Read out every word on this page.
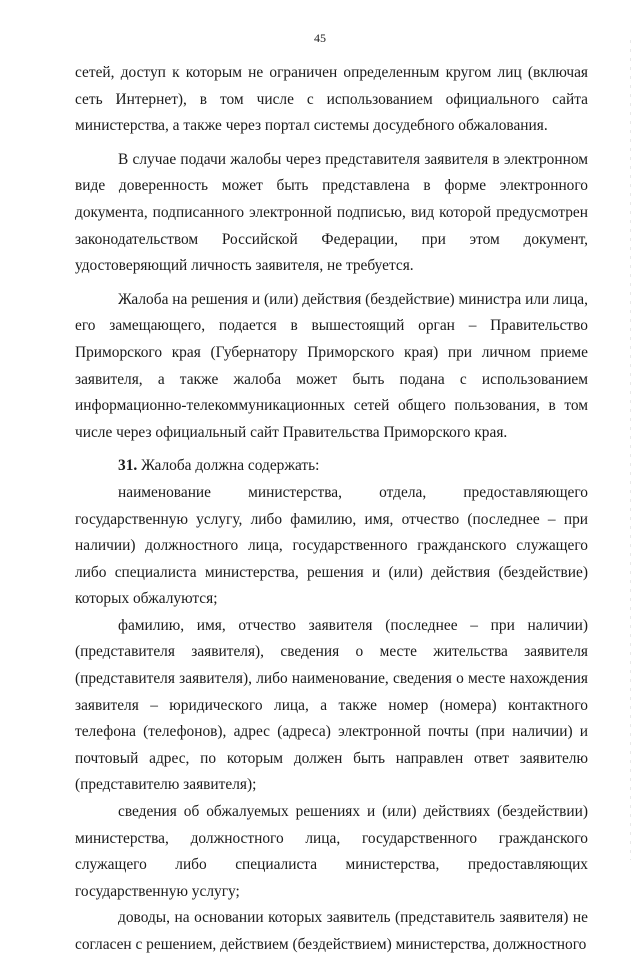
45

сетей, доступ к которым не ограничен определенным кругом лиц (включая сеть Интернет), в том числе с использованием официального сайта министерства, а также через портал системы досудебного обжалования.

В случае подачи жалобы через представителя заявителя в электронном виде доверенность может быть представлена в форме электронного документа, подписанного электронной подписью, вид которой предусмотрен законодательством Российской Федерации, при этом документ, удостоверяющий личность заявителя, не требуется.

Жалоба на решения и (или) действия (бездействие) министра или лица, его замещающего, подается в вышестоящий орган – Правительство Приморского края (Губернатору Приморского края) при личном приеме заявителя, а также жалоба может быть подана с использованием информационно-телекоммуникационных сетей общего пользования, в том числе через официальный сайт Правительства Приморского края.

31. Жалоба должна содержать:

наименование министерства, отдела, предоставляющего государственную услугу, либо фамилию, имя, отчество (последнее – при наличии) должностного лица, государственного гражданского служащего либо специалиста министерства, решения и (или) действия (бездействие) которых обжалуются;

фамилию, имя, отчество заявителя (последнее – при наличии) (представителя заявителя), сведения о месте жительства заявителя (представителя заявителя), либо наименование, сведения о месте нахождения заявителя – юридического лица, а также номер (номера) контактного телефона (телефонов), адрес (адреса) электронной почты (при наличии) и почтовый адрес, по которым должен быть направлен ответ заявителю (представителю заявителя);

сведения об обжалуемых решениях и (или) действиях (бездействии) министерства, должностного лица, государственного гражданского служащего либо специалиста министерства, предоставляющих государственную услугу;

доводы, на основании которых заявитель (представитель заявителя) не согласен с решением, действием (бездействием) министерства, должностного
